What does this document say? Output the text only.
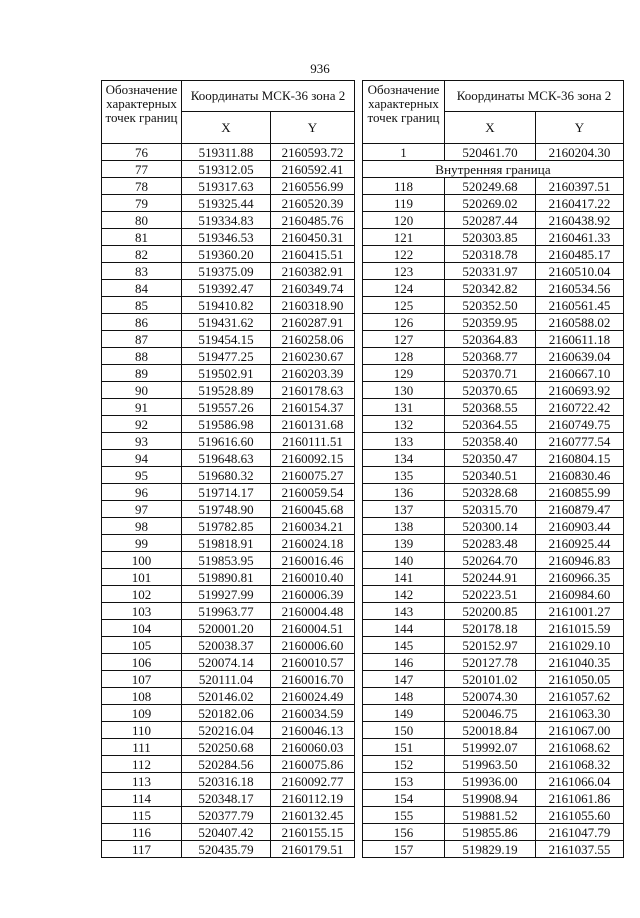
936
Обозначение характерных точек границ	Координаты МСК-36 зона 2			Обозначение характерных точек границ	Координаты МСК-36 зона 2	
	X	Y			X	Y
76	519311.88	2160593.72		1	520461.70	2160204.30
77	519312.05	2160592.41		Внутренняя граница		
78	519317.63	2160556.99		118	520249.68	2160397.51
79	519325.44	2160520.39		119	520269.02	2160417.22
80	519334.83	2160485.76		120	520287.44	2160438.92
81	519346.53	2160450.31		121	520303.85	2160461.33
82	519360.20	2160415.51		122	520318.78	2160485.17
83	519375.09	2160382.91		123	520331.97	2160510.04
84	519392.47	2160349.74		124	520342.82	2160534.56
85	519410.82	2160318.90		125	520352.50	2160561.45
86	519431.62	2160287.91		126	520359.95	2160588.02
87	519454.15	2160258.06		127	520364.83	2160611.18
88	519477.25	2160230.67		128	520368.77	2160639.04
89	519502.91	2160203.39		129	520370.71	2160667.10
90	519528.89	2160178.63		130	520370.65	2160693.92
91	519557.26	2160154.37		131	520368.55	2160722.42
92	519586.98	2160131.68		132	520364.55	2160749.75
93	519616.60	2160111.51		133	520358.40	2160777.54
94	519648.63	2160092.15		134	520350.47	2160804.15
95	519680.32	2160075.27		135	520340.51	2160830.46
96	519714.17	2160059.54		136	520328.68	2160855.99
97	519748.90	2160045.68		137	520315.70	2160879.47
98	519782.85	2160034.21		138	520300.14	2160903.44
99	519818.91	2160024.18		139	520283.48	2160925.44
100	519853.95	2160016.46		140	520264.70	2160946.83
101	519890.81	2160010.40		141	520244.91	2160966.35
102	519927.99	2160006.39		142	520223.51	2160984.60
103	519963.77	2160004.48		143	520200.85	2161001.27
104	520001.20	2160004.51		144	520178.18	2161015.59
105	520038.37	2160006.60		145	520152.97	2161029.10
106	520074.14	2160010.57		146	520127.78	2161040.35
107	520111.04	2160016.70		147	520101.02	2161050.05
108	520146.02	2160024.49		148	520074.30	2161057.62
109	520182.06	2160034.59		149	520046.75	2161063.30
110	520216.04	2160046.13		150	520018.84	2161067.00
111	520250.68	2160060.03		151	519992.07	2161068.62
112	520284.56	2160075.86		152	519963.50	2161068.32
113	520316.18	2160092.77		153	519936.00	2161066.04
114	520348.17	2160112.19		154	519908.94	2161061.86
115	520377.79	2160132.45		155	519881.52	2161055.60
116	520407.42	2160155.15		156	519855.86	2161047.79
117	520435.79	2160179.51		157	519829.19	2161037.55
